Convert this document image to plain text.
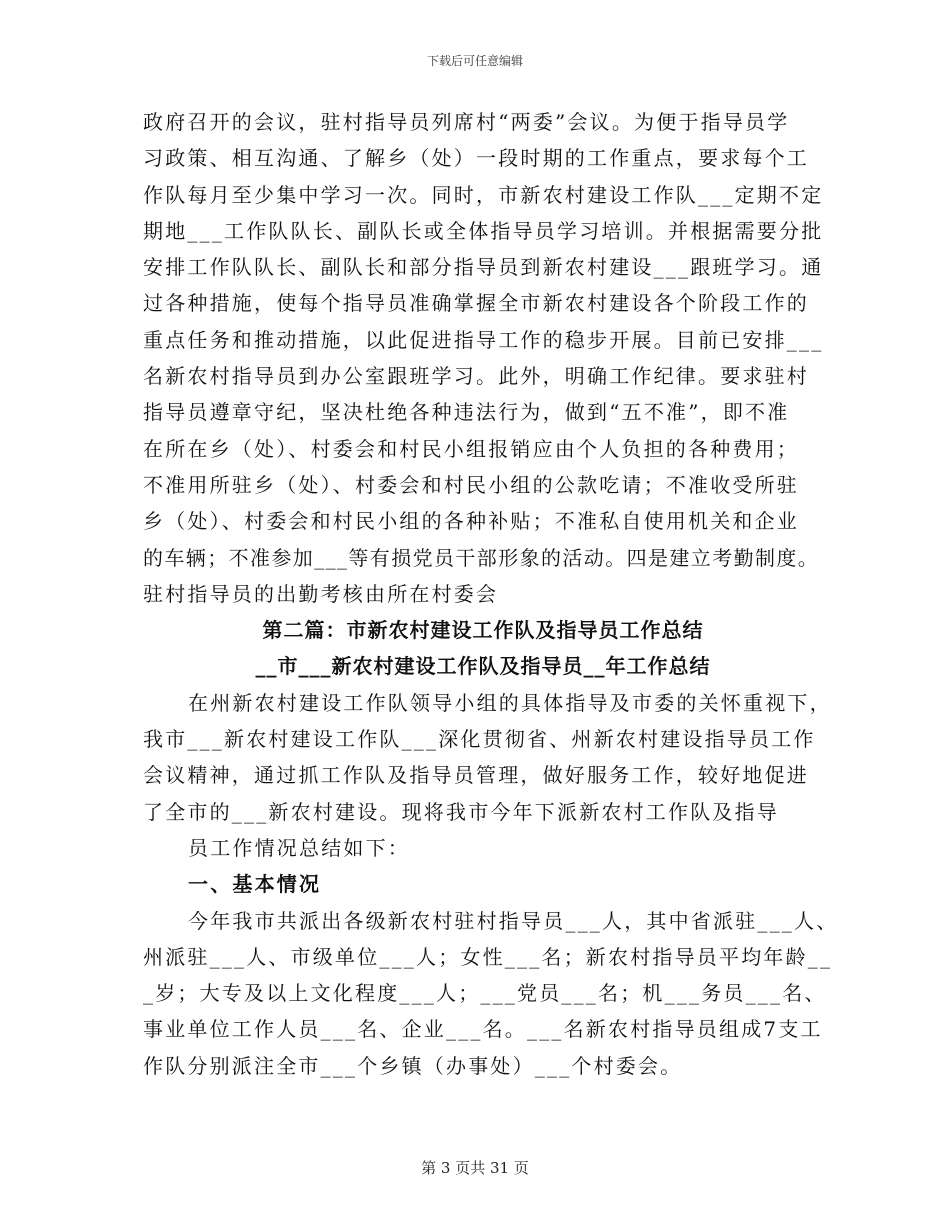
下载后可任意编辑
政府召开的会议，驻村指导员列席村“两委”会议。为便于指导员学
习政策、相互沟通、了解乡（处）一段时期的工作重点，要求每个工
作队每月至少集中学习一次。同时，市新农村建设工作队___定期不定
期地___工作队队长、副队长或全体指导员学习培训。并根据需要分批
安排工作队队长、副队长和部分指导员到新农村建设___跟班学习。通
过各种措施，使每个指导员准确掌握全市新农村建设各个阶段工作的
重点任务和推动措施，以此促进指导工作的稳步开展。目前已安排___
名新农村指导员到办公室跟班学习。此外，明确工作纪律。要求驻村
指导员遵章守纪，坚决杜绝各种违法行为，做到“五不准”，即不准
在所在乡（处）、村委会和村民小组报销应由个人负担的各种费用；
不准用所驻乡（处）、村委会和村民小组的公款吃请；不准收受所驻
乡（处）、村委会和村民小组的各种补贴；不准私自使用机关和企业
的车辆；不准参加___等有损党员干部形象的活动。四是建立考勤制度。
驻村指导员的出勤考核由所在村委会
第二篇：市新农村建设工作队及指导员工作总结
__市___新农村建设工作队及指导员__年工作总结
在州新农村建设工作队领导小组的具体指导及市委的关怀重视下，
我市___新农村建设工作队___深化贯彻省、州新农村建设指导员工作
会议精神，通过抓工作队及指导员管理，做好服务工作，较好地促进
了全市的___新农村建设。现将我市今年下派新农村工作队及指导
员工作情况总结如下：
一、基本情况
今年我市共派出各级新农村驻村指导员___人，其中省派驻___人、
州派驻___人、市级单位___人；女性___名；新农村指导员平均年龄__
_岁；大专及以上文化程度___人；___党员___名；机___务员___名、
事业单位工作人员___名、企业___名。___名新农村指导员组成7支工
作队分别派注全市___个乡镇（办事处）___个村委会。
第 3 页共 31 页
